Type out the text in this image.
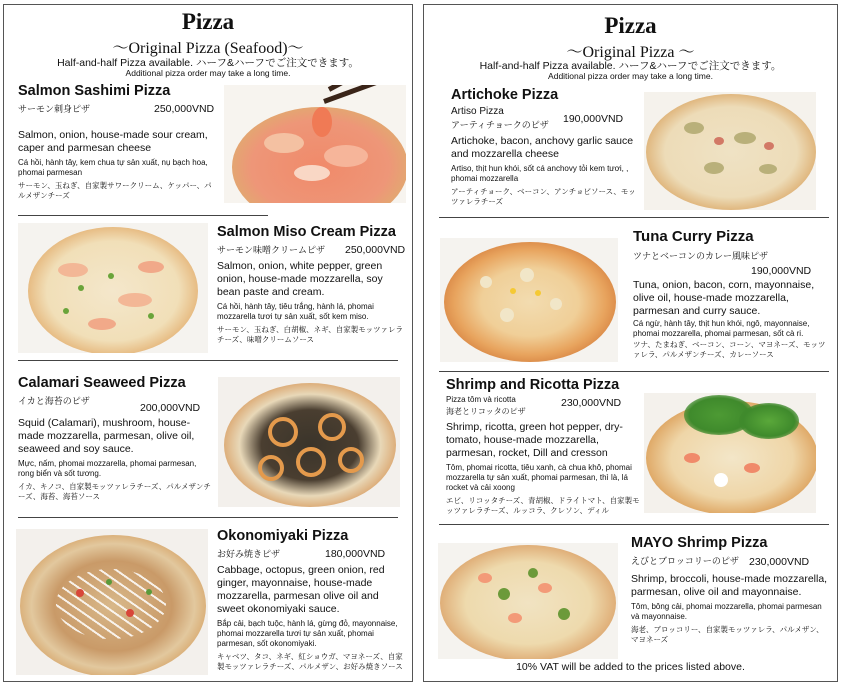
Pizza
～Original Pizza (Seafood)～
Half-and-half Pizza available. ハーフ&ハーフでご注文できます。
Additional pizza order may take a long time.
Salmon Sashimi Pizza
サーモン刺身ピザ	250,000VND
Salmon, onion, house-made sour cream, caper and parmesan cheese
Cá hồi, hành tây, kem chua tự sản xuất, nụ bạch hoa, phomai parmesan
サーモン、玉ねぎ、自家製サワークリーム、ケッパー、パルメザンチーズ
Salmon Miso Cream Pizza
サーモン味噌クリームピザ	250,000VND
Salmon, onion, white pepper, green onion, house-made mozzarella, soy bean paste and cream.
Cá hồi, hành tây, tiêu trắng, hành lá, phomai mozzarella tươi tự sản xuất, sốt kem miso.
サーモン、玉ねぎ、白胡椒、ネギ、自家製モッツァレラチーズ、味噌クリームソース
Calamari Seaweed Pizza
イカと海苔のピザ
200,000VND
Squid (Calamari), mushroom, house-made mozzarella, parmesan, olive oil, seaweed and soy sauce.
Mực, nấm, phomai mozzarella, phomai parmesan, rong biển và sốt tương.
イカ、キノコ、自家製モッツァレラチーズ、パルメザンチーズ、海苔、海苔ソース
Okonomiyaki Pizza
お好み焼きピザ	180,000VND
Cabbage, octopus, green onion, red ginger, mayonnaise, house-made mozzarella, parmesan olive oil and sweet okonomiyaki sauce.
Bắp cải, bạch tuộc, hành lá, gừng đỏ, mayonnaise, phomai mozzarella tươi tự sản xuất, phomai parmesan, sốt okonomiyaki.
キャベツ、タコ、ネギ、紅ショウガ、マヨネーズ、自家製モッツァレラチーズ、パルメザン、お好み焼きソース
Pizza
～Original Pizza ～
Half-and-half Pizza available. ハーフ&ハーフでご注文できます。
Additional pizza order may take a long time.
Artichoke Pizza
Artiso Pizza
アーティチョークのピザ	190,000VND
Artichoke, bacon, anchovy garlic sauce and mozzarella cheese
Artiso, thịt hun khói, sốt cá anchovy tỏi kem tươi, , phomai mozzarella
アーティチョーク、ベーコン、アンチョビソース、モッツァレラチーズ
Tuna Curry Pizza
ツナとベーコンのカレー風味ピザ
190,000VND
Tuna, onion, bacon, corn, mayonnaise, olive oil, house-made mozzarella, parmesan and curry sauce.
Cá ngừ, hành tây, thịt hun khói, ngô, mayonnaise, phomai mozzarella, phomai parmesan, sốt cà ri.
ツナ、たまねぎ、ベーコン、コーン、マヨネーズ、モッツァレラ、パルメザンチーズ、カレーソース
Shrimp and Ricotta Pizza
Pizza tôm và ricotta
海老とリコッタのピザ
230,000VND
Shrimp, ricotta, green hot pepper, dry-tomato, house-made mozzarella, parmesan, rocket, Dill and cresson
Tôm, phomai ricotta, tiêu xanh, cà chua khô, phomai mozzarella tự sản xuất, phomai parmesan, thì là, lá rocket và cải xoong
エビ、リコッタチーズ、青胡椒、ドライトマト、自家製モッツァレラチーズ、ルッコラ、クレソン、ディル
MAYO Shrimp Pizza
えびとブロッコリーのピザ 230,000VND
Shrimp, broccoli, house-made mozzarella, parmesan, olive oil and mayonnaise.
Tôm, bông cải, phomai mozzarella, phomai parmesan và mayonnaise.
海老、ブロッコリー、自家製モッツァレラ、パルメザン、マヨネーズ
10% VAT will be added to the prices listed above.
